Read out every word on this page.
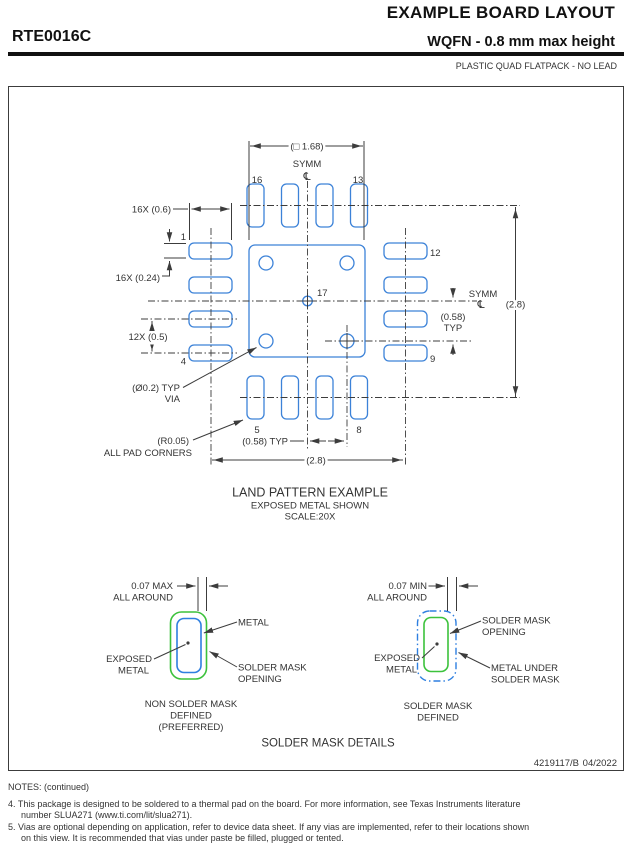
EXAMPLE BOARD LAYOUT
RTE0016C	WQFN - 0.8 mm max height
PLASTIC QUAD FLATPACK - NO LEAD
(□ 1.68)
SYMM
℄
16	13
1
4
12
9
5	8
17
16X (0.6)
16X (0.24)
12X (0.5)
(Ø0.2) TYP
VIA
(R0.05)
ALL PAD CORNERS
(0.58) TYP
(2.8)
(2.8)
SYMM
℄
(0.58)
TYP
LAND PATTERN EXAMPLE
EXPOSED METAL SHOWN
SCALE:20X
0.07 MAX
ALL AROUND
METAL
EXPOSED
METAL	SOLDER MASK
OPENING
NON SOLDER MASK
DEFINED
(PREFERRED)
0.07 MIN
ALL AROUND
SOLDER MASK
OPENING
EXPOSED
METAL	METAL UNDER
SOLDER MASK
SOLDER MASK
DEFINED
SOLDER MASK DETAILS
4219117/B 04/2022
NOTES: (continued)
4. This package is designed to be soldered to a thermal pad on the board. For more information, see Texas Instruments literature
number SLUA271 (www.ti.com/lit/slua271).
5. Vias are optional depending on application, refer to device data sheet. If any vias are implemented, refer to their locations shown
on this view. It is recommended that vias under paste be filled, plugged or tented.
